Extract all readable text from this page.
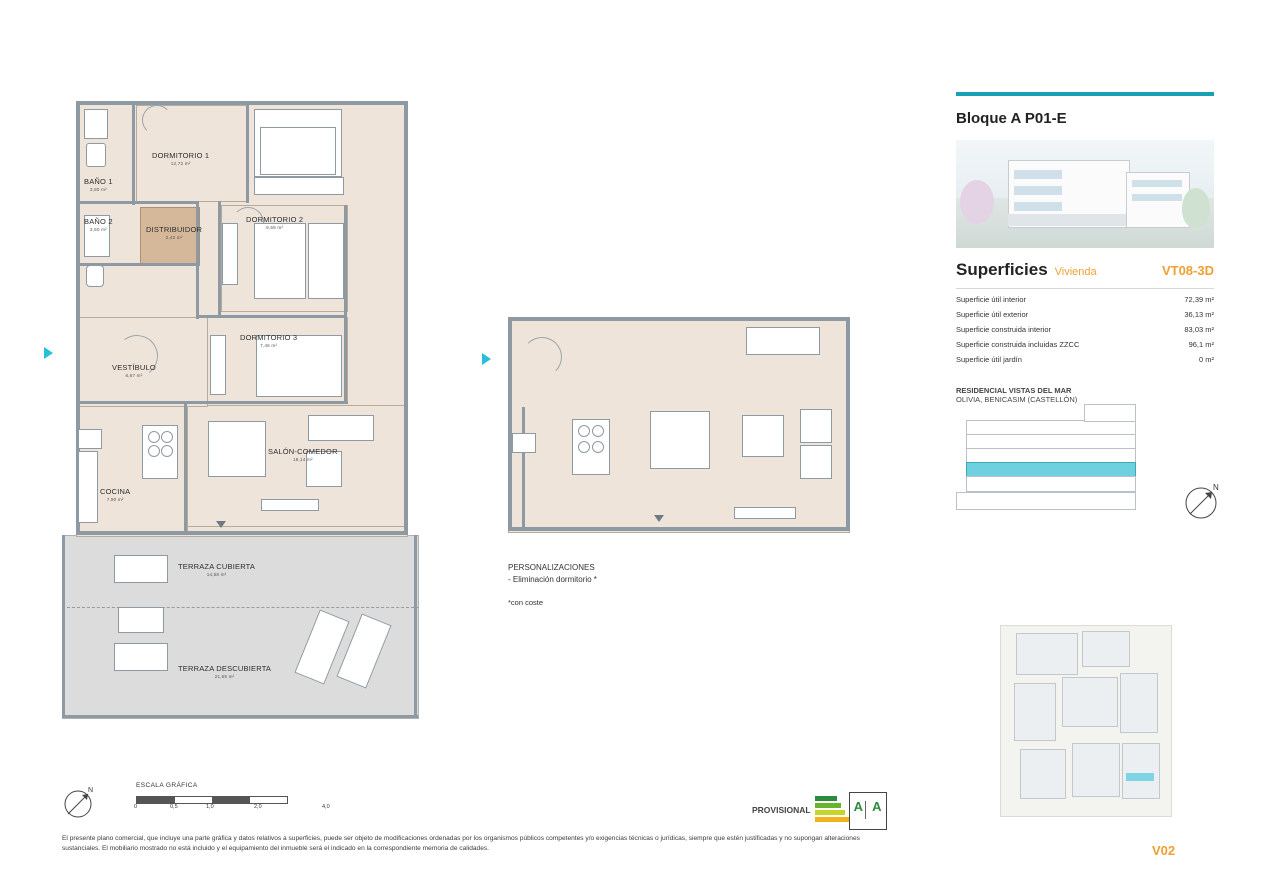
BAÑO 1
3,80 m²
DORMITORIO 1
12,72 m²
BAÑO 2
3,50 m²	DISTRIBUIDOR
2,42 m²
DORMITORIO 2
9,59 m²
DORMITORIO 3
7,46 m²
VESTÍBULO
6,67 m²
SALÓN-COMEDOR
18,14 m²
COCINA
7,90 m²
TERRAZA CUBIERTA
14,58 m²
TERRAZA DESCUBIERTA
21,55 m²
PERSONALIZACIONES
- Eliminación dormitorio *
*con coste
Bloque A P01-E
Superficies Vivienda	VT08-3D
Superficie útil interior	72,39 m²
Superficie útil exterior	36,13 m²
Superficie construida interior	83,03 m²
Superficie construida incluidas ZZCC	96,1 m²
Superficie útil jardín	0 m²
RESIDENCIAL VISTAS DEL MAR
OLIVIA, BENICASIM (CASTELLÓN)
N
V02
N
ESCALA GRÁFICA
0	0,5	1,0	2,0	4,0	PROVISIONAL	A A
El presente plano comercial, que incluye una parte gráfica y datos relativos a superficies, puede ser objeto de modificaciones ordenadas por los organismos públicos competentes y/o exigencias técnicas o jurídicas, siempre que estén justificadas y no supongan alteraciones sustanciales. El mobiliario mostrado no está incluido y el equipamiento del inmueble será el indicado en la correspondiente memoria de calidades.
